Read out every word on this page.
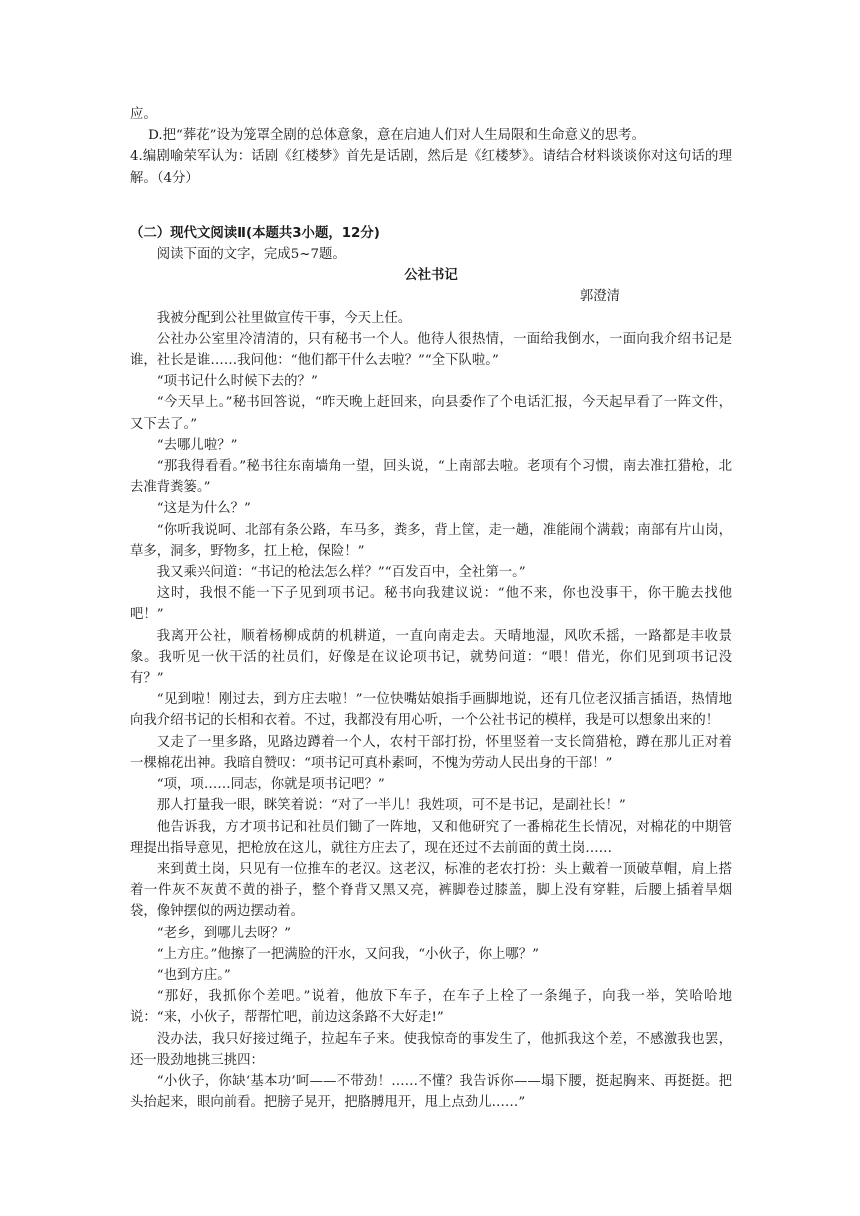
应。

D.把“葬花”设为笼罩全剧的总体意象，意在启迪人们对人生局限和生命意义的思考。

4.编剧喻荣军认为：话剧《红楼梦》首先是话剧，然后是《红楼梦》。请结合材料谈谈你对这句话的理解。（4分）

（二）现代文阅读Ⅱ(本题共3小题，12分)

阅读下面的文字，完成5~7题。

公社书记

郭澄清

我被分配到公社里做宣传干事，今天上任。

公社办公室里冷清清的，只有秘书一个人。他待人很热情，一面给我倒水，一面向我介绍书记是谁，社长是谁……我问他：“他们都干什么去啦？”“全下队啦。”

“项书记什么时候下去的？”

“今天早上。”秘书回答说，“昨天晚上赶回来，向县委作了个电话汇报，今天起早看了一阵文件，又下去了。”

“去哪儿啦？”

“那我得看看。”秘书往东南墙角一望，回头说，“上南部去啦。老项有个习惯，南去准扛猎枪，北去准背粪篓。”

“这是为什么？”

“你听我说呵、北部有条公路，车马多，粪多，背上筐，走一趟，准能闹个满载；南部有片山岗，草多，洞多，野物多，扛上枪，保险！”

我又乘兴问道：“书记的枪法怎么样？”“百发百中，全社第一。”

这时，我恨不能一下子见到项书记。秘书向我建议说：“他不来，你也没事干，你干脆去找他吧！”

我离开公社，顺着杨柳成荫的机耕道，一直向南走去。天晴地湿，风吹禾摇，一路都是丰收景象。我听见一伙干活的社员们，好像是在议论项书记，就势问道：“喂！借光，你们见到项书记没有？”

“见到啦！刚过去，到方庄去啦！”一位快嘴姑娘指手画脚地说，还有几位老汉插言插语，热情地向我介绍书记的长相和衣着。不过，我都没有用心听，一个公社书记的模样，我是可以想象出来的！

又走了一里多路，见路边蹲着一个人，农村干部打扮，怀里竖着一支长筒猎枪，蹲在那儿正对着一棵棉花出神。我暗自赞叹：“项书记可真朴素呵，不愧为劳动人民出身的干部！”

“项，项……同志，你就是项书记吧？”

那人打量我一眼，眯笑着说：“对了一半儿！我姓项，可不是书记，是副社长！”

他告诉我，方才项书记和社员们锄了一阵地，又和他研究了一番棉花生长情况，对棉花的中期管理提出指导意见，把枪放在这儿，就往方庄去了，现在还过不去前面的黄土岗……

来到黄土岗，只见有一位推车的老汉。这老汉，标准的老农打扮：头上戴着一顶破草帽，肩上搭着一件灰不灰黄不黄的褂子，整个脊背又黑又亮，裤脚卷过膝盖，脚上没有穿鞋，后腰上插着旱烟袋，像钟摆似的两边摆动着。

“老乡，到哪儿去呀？”

“上方庄。”他擦了一把满脸的汗水，又问我，“小伙子，你上哪？”

“也到方庄。”

“那好，我抓你个差吧。”说着，他放下车子，在车子上栓了一条绳子，向我一举，笑哈哈地说：“来，小伙子，帮帮忙吧，前边这条路不大好走!”

没办法，我只好接过绳子，拉起车子来。使我惊奇的事发生了，他抓我这个差，不感激我也罢，还一股劲地挑三挑四：

“小伙子，你缺‘基本功’呵——不带劲！……不懂？我告诉你——塌下腰，挺起胸来、再挺挺。把头抬起来，眼向前看。把膀子晃开，把胳膊甩开，甩上点劲儿……”
